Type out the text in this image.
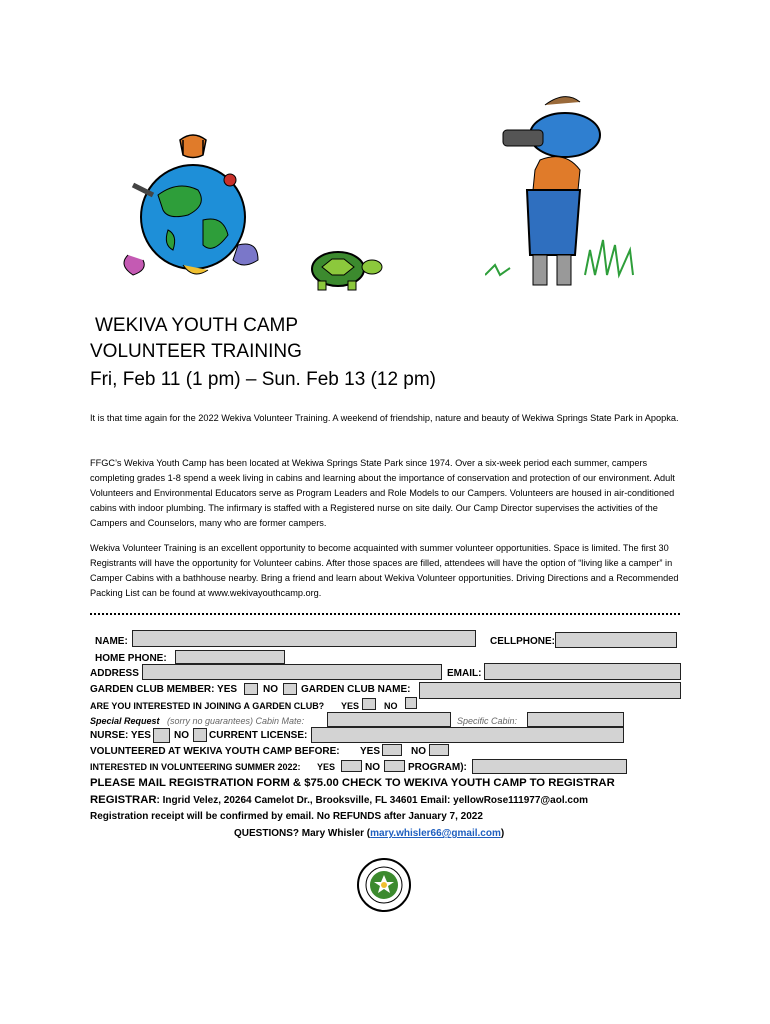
WEKIVA YOUTH CAMP
VOLUNTEER TRAINING
Fri, Feb 11 (1 pm) – Sun. Feb 13 (12 pm)
It is that time again for the 2022 Wekiva Volunteer Training. A weekend of friendship, nature and beauty of Wekiwa Springs State Park in Apopka.
FFGC’s Wekiva Youth Camp has been located at Wekiwa Springs State Park since 1974. Over a six-week period each summer, campers completing grades 1-8 spend a week living in cabins and learning about the importance of conservation and protection of our environment. Adult Volunteers and Environmental Educators serve as Program Leaders and Role Models to our Campers. Volunteers are housed in air-conditioned cabins with indoor plumbing. The infirmary is staffed with a Registered nurse on site daily. Our Camp Director supervises the activities of the Campers and Counselors, many who are former campers.
Wekiva Volunteer Training is an excellent opportunity to become acquainted with summer volunteer opportunities. Space is limited. The first 30 Registrants will have the opportunity for Volunteer cabins. After those spaces are filled, attendees will have the option of “living like a camper” in Camper Cabins with a bathhouse nearby. Bring a friend and learn about Wekiva Volunteer opportunities. Driving Directions and a Recommended Packing List can be found at www.wekivayouthcamp.org.
NAME:	CELLPHONE:
HOME PHONE:
ADDRESS	EMAIL:
GARDEN CLUB MEMBER: YES	NO GARDEN CLUB NAME:
ARE YOU INTERESTED IN JOINING A GARDEN CLUB? YES	NO
Special Request (sorry no guarantees) Cabin Mate:	Specific Cabin:
NURSE: YES NO CURRENT LICENSE:
VOLUNTEERED AT WEKIVA YOUTH CAMP BEFORE: YES	NO
INTERESTED IN VOLUNTEERING SUMMER 2022: YES	NO	PROGRAM):
PLEASE MAIL REGISTRATION FORM & $75.00 CHECK TO WEKIVA YOUTH CAMP TO REGISTRAR
REGISTRAR: Ingrid Velez, 20264 Camelot Dr., Brooksville, FL 34601 Email: yellowRose111977@aol.com
Registration receipt will be confirmed by email. No REFUNDS after January 7, 2022
QUESTIONS? Mary Whisler (mary.whisler66@gmail.com)
